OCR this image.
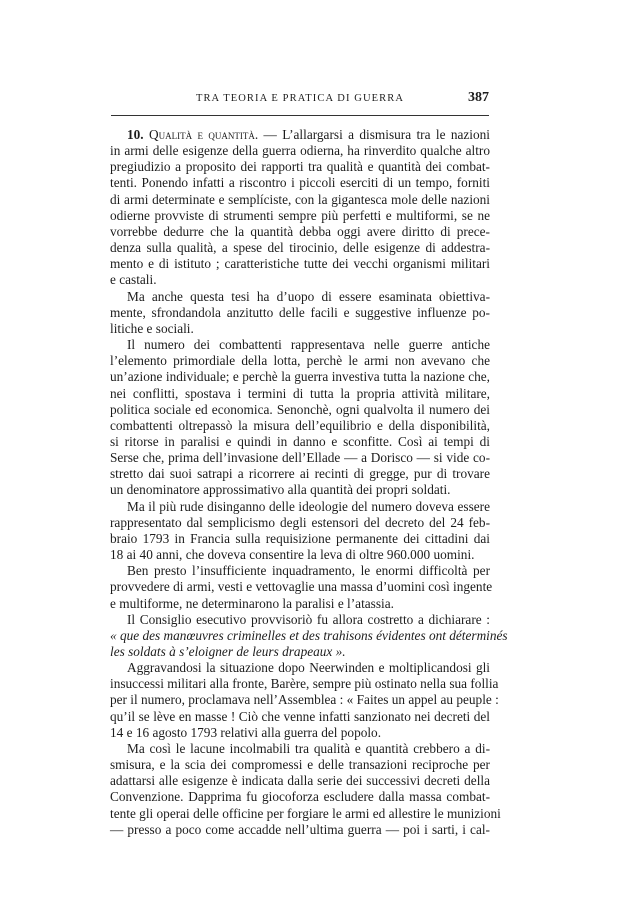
TRA TEORIA E PRATICA DI GUERRA	387
10. Qualità e quantità. — L’allargarsi a dismisura tra le nazioni
in armi delle esigenze della guerra odierna, ha rinverdito qualche altro
pregiudizio a proposito dei rapporti tra qualità e quantità dei combat-
tenti. Ponendo infatti a riscontro i piccoli eserciti di un tempo, forniti
di armi determinate e semplíciste, con la gigantesca mole delle nazioni
odierne provviste di strumenti sempre più perfetti e multiformi, se ne
vorrebbe dedurre che la quantità debba oggi avere diritto di prece-
denza sulla qualità, a spese del tirocinio, delle esigenze di addestra-
mento e di istituto ; caratteristiche tutte dei vecchi organismi militari
e castali.
Ma anche questa tesi ha d’uopo di essere esaminata obiettiva-
mente, sfrondandola anzitutto delle facili e suggestive influenze po-
litiche e sociali.
Il numero dei combattenti rappresentava nelle guerre antiche
l’elemento primordiale della lotta, perchè le armi non avevano che
un’azione individuale; e perchè la guerra investiva tutta la nazione che,
nei conflitti, spostava i termini di tutta la propria attività militare,
politica sociale ed economica. Senonchè, ogni qualvolta il numero dei
combattenti oltrepassò la misura dell’equilibrio e della disponibilità,
si ritorse in paralisi e quindi in danno e sconfitte. Così ai tempi di
Serse che, prima dell’invasione dell’Ellade — a Dorisco — si vide co-
stretto dai suoi satrapi a ricorrere ai recinti di gregge, pur di trovare
un denominatore approssimativo alla quantità dei propri soldati.
Ma il più rude disinganno delle ideologie del numero doveva essere
rappresentato dal semplicismo degli estensori del decreto del 24 feb-
braio 1793 in Francia sulla requisizione permanente dei cittadini dai
18 ai 40 anni, che doveva consentire la leva di oltre 960.000 uomini.
Ben presto l’insufficiente inquadramento, le enormi difficoltà per
provvedere di armi, vesti e vettovaglie una massa d’uomini così ingente
e multiforme, ne determinarono la paralisi e l’atassia.
Il Consiglio esecutivo provvisoriò fu allora costretto a dichiarare :
« que des manœuvres criminelles et des trahisons évidentes ont déterminés
les soldats à s’eloigner de leurs drapeaux ».
Aggravandosi la situazione dopo Neerwinden e moltiplicandosi gli
insuccessi militari alla fronte, Barère, sempre più ostinato nella sua follia
per il numero, proclamava nell’Assemblea : « Faites un appel au peuple :
qu’il se lève en masse ! Ciò che venne infatti sanzionato nei decreti del
14 e 16 agosto 1793 relativi alla guerra del popolo.
Ma così le lacune incolmabili tra qualità e quantità crebbero a di-
smisura, e la scia dei compromessi e delle transazioni reciproche per
adattarsi alle esigenze è indicata dalla serie dei successivi decreti della
Convenzione. Dapprima fu giocoforza escludere dalla massa combat-
tente gli operai delle officine per forgiare le armi ed allestire le munizioni
— presso a poco come accadde nell’ultima guerra — poi i sarti, i cal-
